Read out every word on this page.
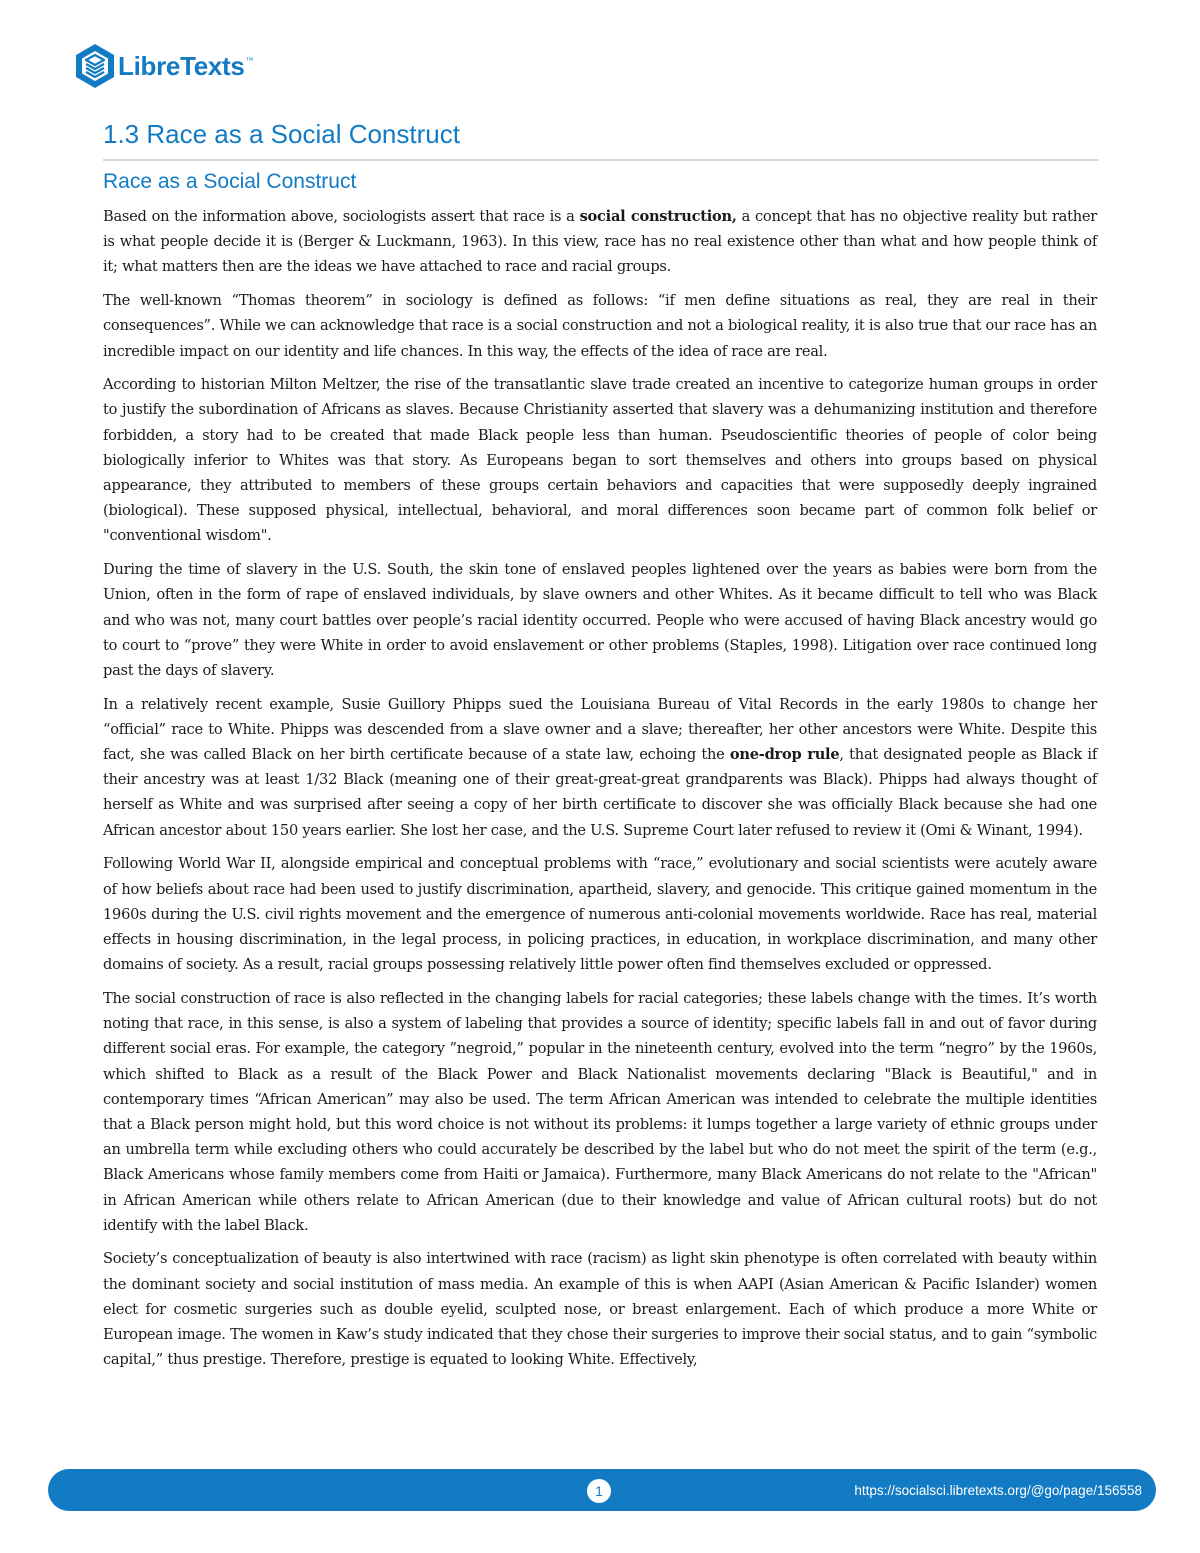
LibreTexts ™
1.3 Race as a Social Construct
Race as a Social Construct

Based on the information above, sociologists assert that race is a social construction, a concept that has no objective reality but rather is what people decide it is (Berger & Luckmann, 1963). In this view, race has no real existence other than what and how people think of it; what matters then are the ideas we have attached to race and racial groups.

The well-known “Thomas theorem” in sociology is defined as follows: “if men define situations as real, they are real in their consequences”. While we can acknowledge that race is a social construction and not a biological reality, it is also true that our race has an incredible impact on our identity and life chances. In this way, the effects of the idea of race are real.

According to historian Milton Meltzer, the rise of the transatlantic slave trade created an incentive to categorize human groups in order to justify the subordination of Africans as slaves. Because Christianity asserted that slavery was a dehumanizing institution and therefore forbidden, a story had to be created that made Black people less than human. Pseudoscientific theories of people of color being biologically inferior to Whites was that story. As Europeans began to sort themselves and others into groups based on physical appearance, they attributed to members of these groups certain behaviors and capacities that were supposedly deeply ingrained (biological). These supposed physical, intellectual, behavioral, and moral differences soon became part of common folk belief or "conventional wisdom".

During the time of slavery in the U.S. South, the skin tone of enslaved peoples lightened over the years as babies were born from the Union, often in the form of rape of enslaved individuals, by slave owners and other Whites. As it became difficult to tell who was Black and who was not, many court battles over people’s racial identity occurred. People who were accused of having Black ancestry would go to court to “prove” they were White in order to avoid enslavement or other problems (Staples, 1998). Litigation over race continued long past the days of slavery.

In a relatively recent example, Susie Guillory Phipps sued the Louisiana Bureau of Vital Records in the early 1980s to change her “official” race to White. Phipps was descended from a slave owner and a slave; thereafter, her other ancestors were White. Despite this fact, she was called Black on her birth certificate because of a state law, echoing the one-drop rule, that designated people as Black if their ancestry was at least 1/32 Black (meaning one of their great-great-great grandparents was Black). Phipps had always thought of herself as White and was surprised after seeing a copy of her birth certificate to discover she was officially Black because she had one African ancestor about 150 years earlier. She lost her case, and the U.S. Supreme Court later refused to review it (Omi & Winant, 1994).

Following World War II, alongside empirical and conceptual problems with “race,” evolutionary and social scientists were acutely aware of how beliefs about race had been used to justify discrimination, apartheid, slavery, and genocide. This critique gained momentum in the 1960s during the U.S. civil rights movement and the emergence of numerous anti-colonial movements worldwide. Race has real, material effects in housing discrimination, in the legal process, in policing practices, in education, in workplace discrimination, and many other domains of society. As a result, racial groups possessing relatively little power often find themselves excluded or oppressed.

The social construction of race is also reflected in the changing labels for racial categories; these labels change with the times. It’s worth noting that race, in this sense, is also a system of labeling that provides a source of identity; specific labels fall in and out of favor during different social eras. For example, the category ”negroid,” popular in the nineteenth century, evolved into the term “negro” by the 1960s, which shifted to Black as a result of the Black Power and Black Nationalist movements declaring "Black is Beautiful," and in contemporary times “African American” may also be used. The term African American was intended to celebrate the multiple identities that a Black person might hold, but this word choice is not without its problems: it lumps together a large variety of ethnic groups under an umbrella term while excluding others who could accurately be described by the label but who do not meet the spirit of the term (e.g., Black Americans whose family members come from Haiti or Jamaica). Furthermore, many Black Americans do not relate to the "African" in African American while others relate to African American (due to their knowledge and value of African cultural roots) but do not identify with the label Black.

Society’s conceptualization of beauty is also intertwined with race (racism) as light skin phenotype is often correlated with beauty within the dominant society and social institution of mass media. An example of this is when AAPI (Asian American & Pacific Islander) women elect for cosmetic surgeries such as double eyelid, sculpted nose, or breast enlargement. Each of which produce a more White or European image. The women in Kaw’s study indicated that they chose their surgeries to improve their social status, and to gain “symbolic capital,” thus prestige. Therefore, prestige is equated to looking White. Effectively,

1	https://socialsci.libretexts.org/@go/page/156558
